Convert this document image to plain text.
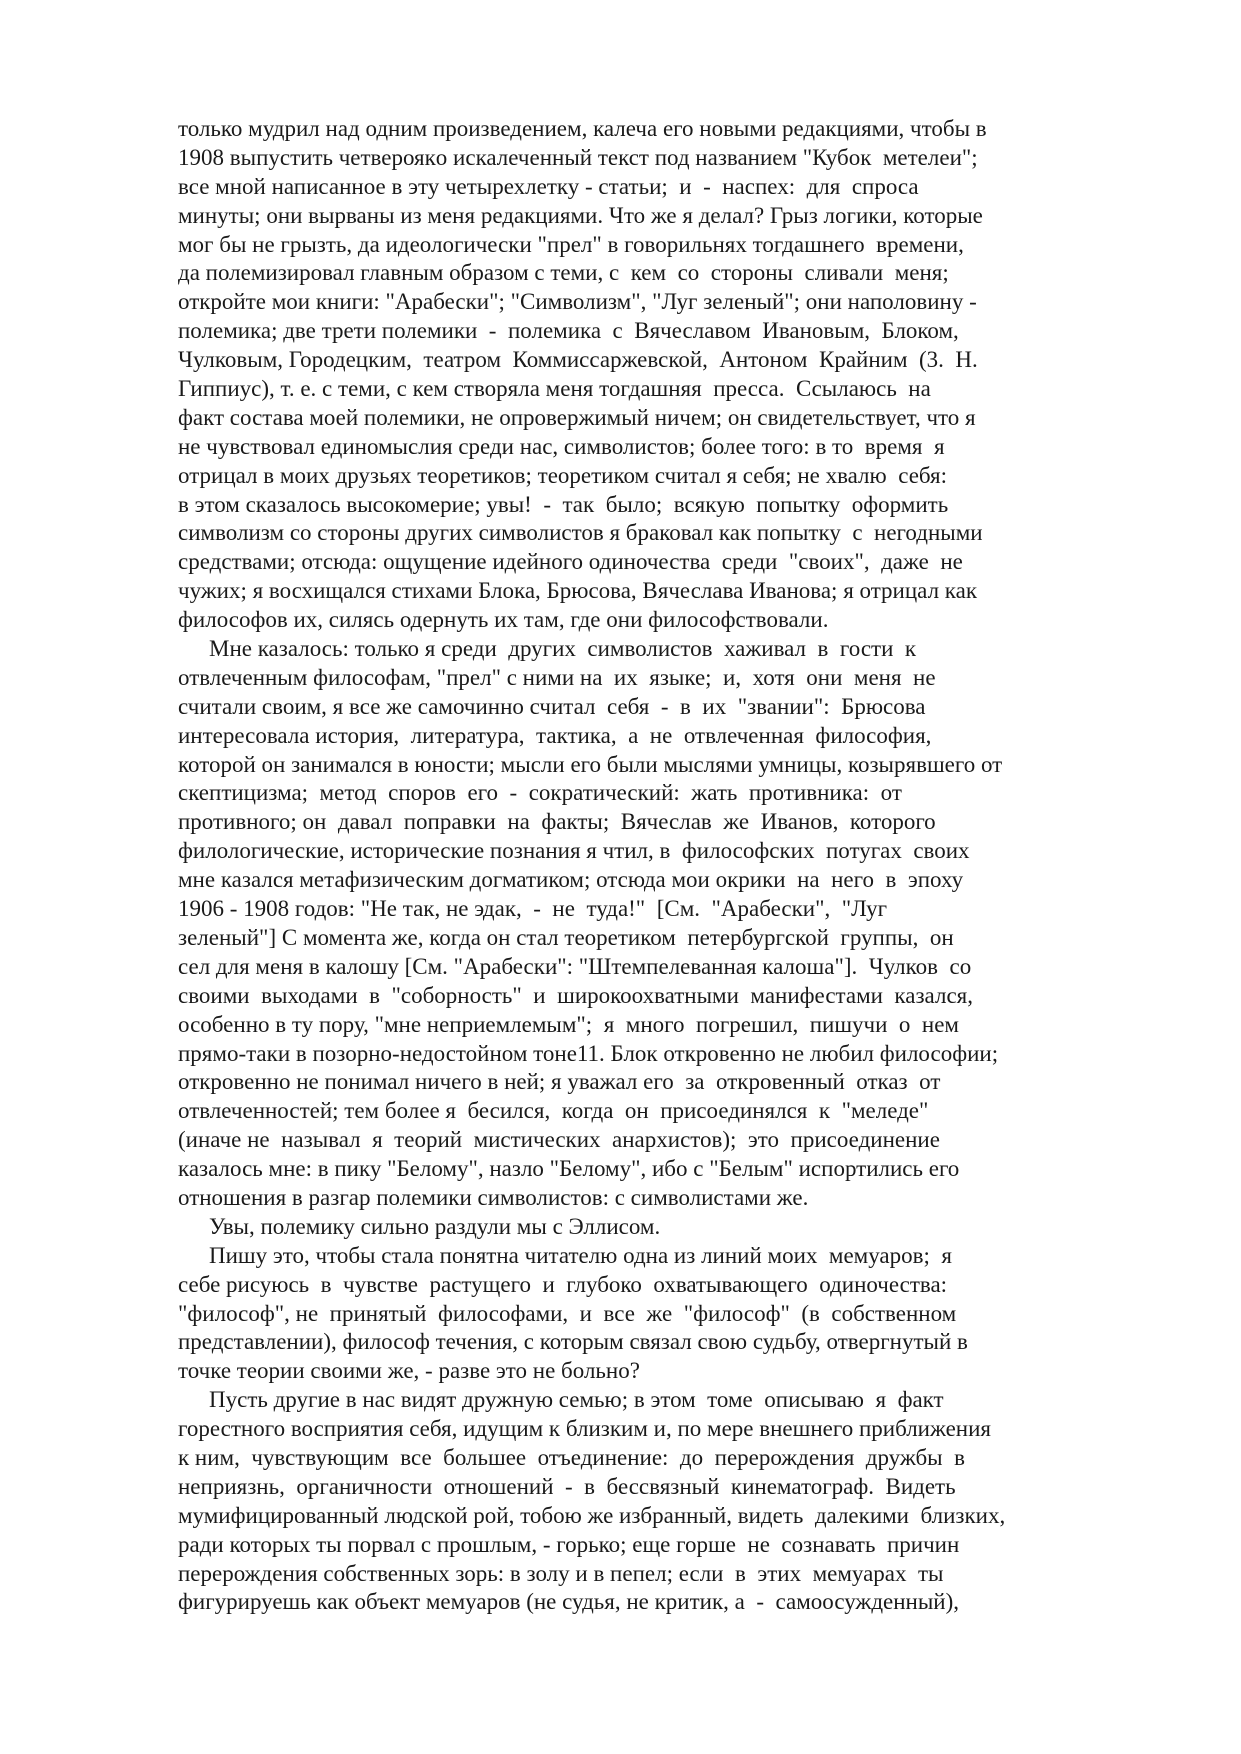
только мудрил над одним произведением, калеча его новыми редакциями, чтобы в
1908 выпустить четвероякo искалеченный текст под названием "Кубок  метелеи";
все мной написанное в эту четырехлетку - статьи;  и  -  наспех:  для  спроса
минуты; они вырваны из меня редакциями. Что же я делал? Грыз логики, которые
мог бы не грызть, да идеологически "прел" в говорильнях тогдашнего  времени,
да полемизировал главным образом с теми, с  кем  со  стороны  сливали  меня;
откройте мои книги: "Арабески"; "Символизм", "Луг зеленый"; они наполовину -
полемика; две трети полемики  -  полемика  с  Вячеславом  Ивановым,  Блоком,
Чулковым, Городецким,  театром  Коммиссаржевской,  Антоном  Крайним  (3.  Н.
Гиппиус), т. е. с теми, с кем створяла меня тогдашняя  пресса.  Ссылаюсь  на
факт состава моей полемики, не опровержимый ничем; он свидетельствует, что я
не чувствовал единомыслия среди нас, символистов; более того: в то  время  я
отрицал в моих друзьях теоретиков; теоретиком считал я себя; не хвалю  себя:
в этом сказалось высокомерие; увы!  -  так  было;  всякую  попытку  оформить
символизм со стороны других символистов я браковал как попытку  с  негодными
средствами; отсюда: ощущение идейного одиночества  среди  "своих",  даже  не
чужих; я восхищался стихами Блока, Брюсова, Вячеслава Иванова; я отрицал как
философов их, силясь одернуть их там, где они философствовали.
Мне казалось: только я среди  других  символистов  хаживал  в  гости  к
отвлеченным философам, "прел" с ними на  их  языке;  и,  хотя  они  меня  не
считали своим, я все же самочинно считал  себя  -  в  их  "звании":  Брюсова
интересовала история,  литература,  тактика,  а  не  отвлеченная  философия,
которой он занимался в юности; мысли его были мыслями умницы, козырявшего от
скептицизма;  метод  споров  его  -  сократический:  жать  противника:  от
противного; он  давал  поправки  на  факты;  Вячеслав  же  Иванов,  которого
филологические, исторические познания я чтил, в  философских  потугах  своих
мне казался метафизическим догматиком; отсюда мои окрики  на  него  в  эпоху
1906 - 1908 годов: "Не так, не эдак,  -  не  туда!"  [См.  "Арабески",  "Луг
зеленый"] С момента же, когда он стал теоретиком  петербургской  группы,  он
сел для меня в калошу [См. "Арабески": "Штемпелеванная калоша"].  Чулков  со
своими  выходами  в  "соборность"  и  широкоохватными  манифестами  казался,
особенно в ту пору, "мне неприемлемым";  я  много  погрешил,  пишучи  о  нем
прямо-таки в позорно-недостойном тоне11. Блок откровенно не любил философии;
откровенно не понимал ничего в ней; я уважал его  за  откровенный  отказ  от
отвлеченностей; тем более я  бесился,  когда  он  присоединялся  к  "меледе"
(иначе не  называл  я  теорий  мистических  анархистов);  это  присоединение
казалось мне: в пику "Белому", назло "Белому", ибо с "Белым" испортились его
отношения в разгар полемики символистов: с символистами же.
Увы, полемику сильно раздули мы с Эллисом.
Пишу это, чтобы стала понятна читателю одна из линий моих  мемуаров;  я
себе рисуюсь  в  чувстве  растущего  и  глубоко  охватывающего  одиночества:
"философ", не  принятый  философами,  и  все  же  "философ"  (в  собственном
представлении), философ течения, с которым связал свою судьбу, отвергнутый в
точке теории своими же, - разве это не больно?
Пусть другие в нас видят дружную семью; в этом  томе  описываю  я  факт
горестного восприятия себя, идущим к близким и, по мере внешнего приближения
к ним,  чувствующим  все  большее  отъединение:  до  перерождения  дружбы  в
неприязнь,  органичности  отношений  -  в  бессвязный  кинематограф.  Видеть
мумифицированный людской рой, тобою же избранный, видеть  далекими  близких,
ради которых ты порвал с прошлым, - горько; еще горше  не  сознавать  причин
перерождения собственных зорь: в золу и в пепел; если  в  этих  мемуарах  ты
фигурируешь как объект мемуаров (не судья, не критик, а  -  самоосужденный),
